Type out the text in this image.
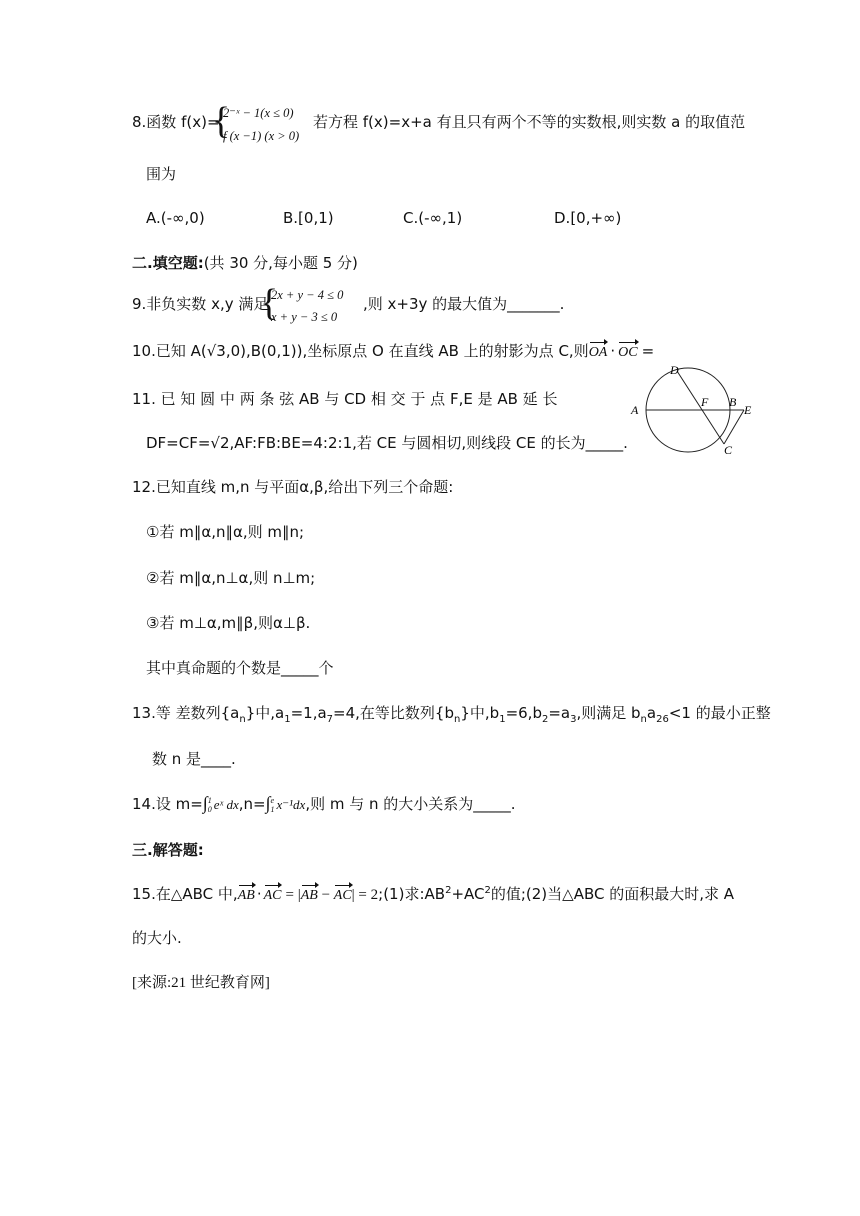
8.函数 f(x)=
{
2⁻ˣ − 1(x ≤ 0)
f (x −1) (x > 0)
若方程 f(x)=x+a 有且只有两个不等的实数根,则实数 a 的取值范
围为
A.(-∞,0)	B.[0,1)	C.(-∞,1)	D.[0,+∞)
二.填空题:(共 30 分,每小题 5 分)
9.非负实数 x,y 满足
{
2x + y − 4 ≤ 0
x + y − 3 ≤ 0
,则 x+3y 的最大值为_______.
10.已知 A(√3,0),B(0,1)),坐标原点 O 在直线 AB 上的射影为点 C,则OA · OC =
11. 已 知 圆 中 两 条 弦 AB 与 CD 相 交 于 点 F,E 是 AB 延 长
DF=CF=√2,AF:FB:BE=4:2:1,若 CE 与圆相切,则线段 CE 的长为_____.
D
A
F B
E
C
12.已知直线 m,n 与平面α,β,给出下列三个命题:
①若 m∥α,n∥α,则 m∥n;
②若 m∥α,n⊥α,则 n⊥m;
③若 m⊥α,m∥β,则α⊥β.
其中真命题的个数是_____个
13.等 差数列$\{a_n\}$中$,a_1=1,a_7=4$,在等比数列$\{b_n\}$中$,b_1=6,b_2=a_3$,则满足 $b_na_{26}<1$ 的最小正整
数 n 是____.
14.设 m=∫1
0 eˣ dx,n=∫e
1 x⁻¹dx,则 m 与 n 的大小关系为_____.
三.解答题:
15.在△ABC 中,AB · AC = |AB − AC| = 2;(1)求$:AB^2+AC^2$的值;(2)当△ABC 的面积最大时,求 A
的大小.
[来源:21 世纪教育网]
